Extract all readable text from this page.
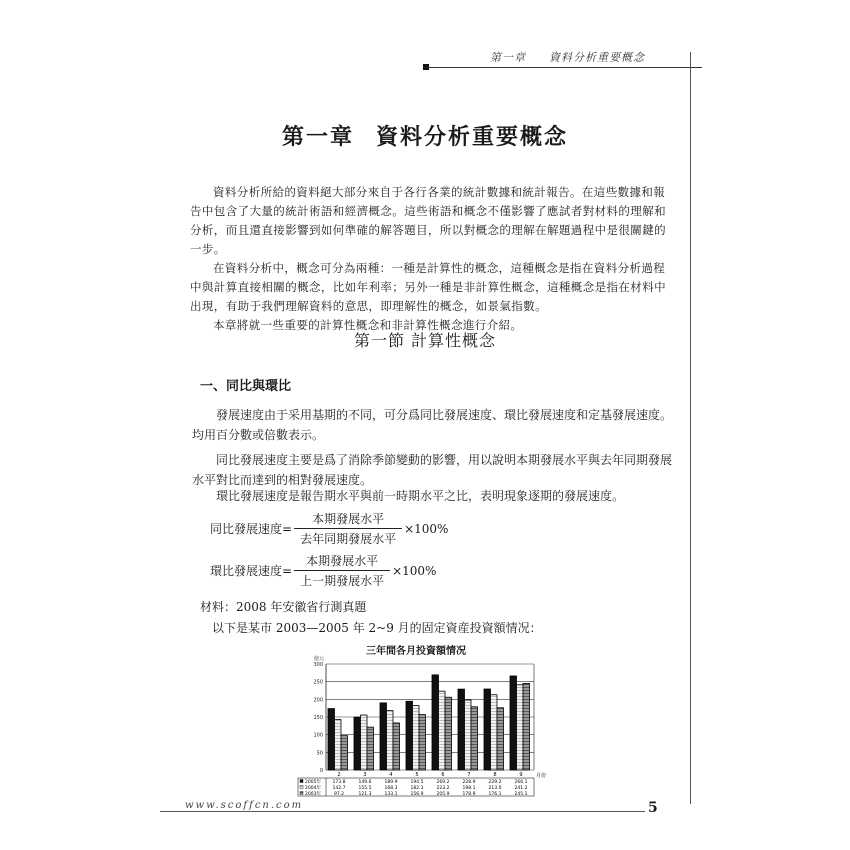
第一章 資料分析重要概念
第一章 資料分析重要概念

資料分析所給的資料絕大部分來自于各行各業的統計數據和統計報告。在這些數據和報告中包含了大量的統計術語和經濟概念。這些術語和概念不僅影響了應試者對材料的理解和分析，而且還直接影響到如何準確的解答題目，所以對概念的理解在解題過程中是很關鍵的一步。

在資料分析中，概念可分為兩種：一種是計算性的概念，這種概念是指在資料分析過程中與計算直接相關的概念，比如年利率；另外一種是非計算性概念，這種概念是指在材料中出現，有助于我們理解資料的意思，即理解性的概念，如景氣指數。

本章將就一些重要的計算性概念和非計算性概念進行介紹。

第一節 計算性概念
一、同比與環比

發展速度由于采用基期的不同，可分爲同比發展速度、環比發展速度和定基發展速度。均用百分數或倍數表示。

同比發展速度主要是爲了消除季節變動的影響，用以說明本期發展水平與去年同期發展水平對比而達到的相對發展速度。

環比發展速度是報告期水平與前一時期水平之比，表明現象逐期的發展速度。

同比發展速度= $\frac{\text{本期發展水平}}{\text{去年同期發展水平}} \times 100\%$
環比發展速度= $\frac{\text{本期發展水平}}{\text{上一期發展水平}} \times 100\%$
材料：2008 年安徽省行測真題
以下是某市 2003—2005 年 2~9 月的固定資産投資額情况：
三年間各月投資額情况
億元
0
50
100
150
200
250
300
2	3	4	5	6	7	8	9	月份
2005年	173.8	149.6	189.9	194.5	269.2	228.9	229.2	266.1
2004年	142.7	155.5	168.3	182.3	223.2	198.1	213.0	241.2
2003年	97.2	121.3	133.1	156.9	205.9	178.9	176.1	245.1
www.scoffcn.com	5
